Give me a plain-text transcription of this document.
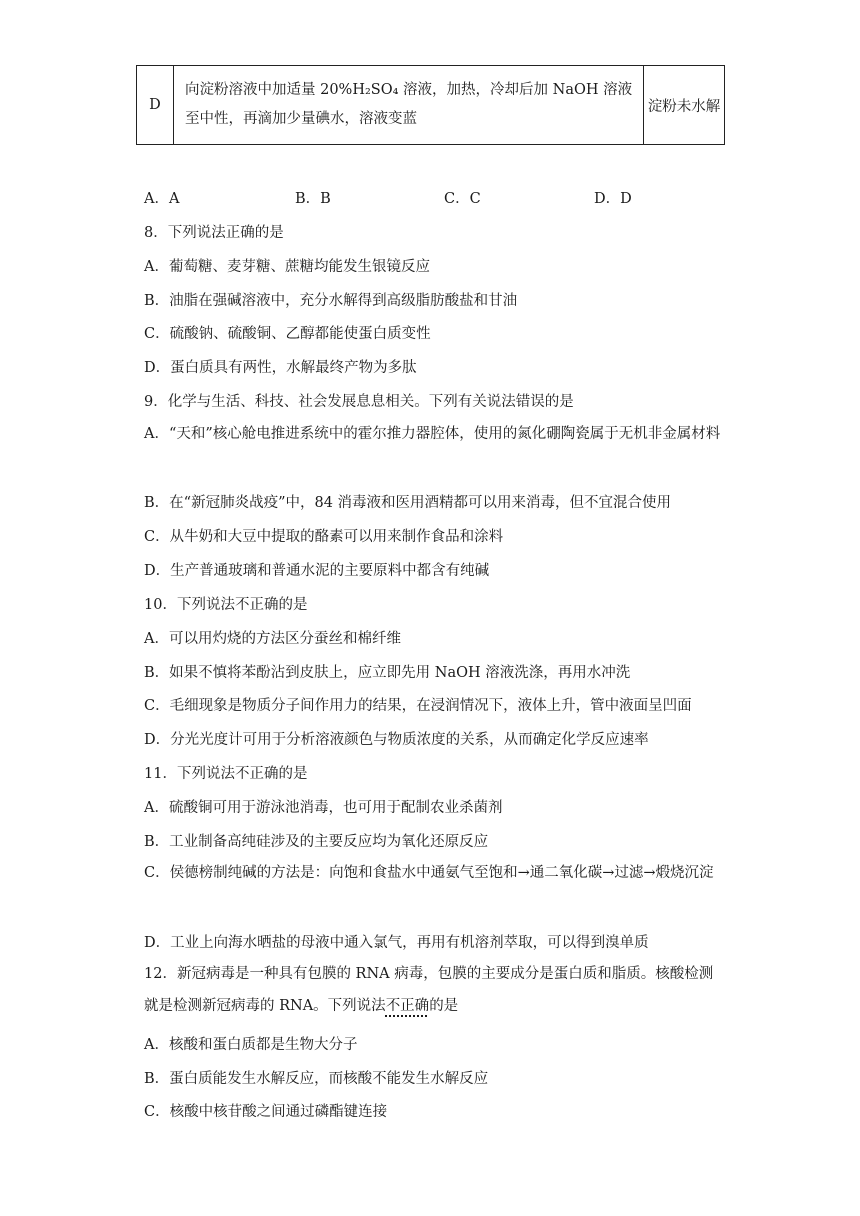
D	向淀粉溶液中加适量 20%H₂SO₄ 溶液，加热，冷却后加 NaOH 溶液至中性，再滴加少量碘水，溶液变蓝	淀粉未水解
A．A	B．B	C．C	D．D
8．下列说法正确的是
A．葡萄糖、麦芽糖、蔗糖均能发生银镜反应
B．油脂在强碱溶液中，充分水解得到高级脂肪酸盐和甘油
C．硫酸钠、硫酸铜、乙醇都能使蛋白质变性
D．蛋白质具有两性，水解最终产物为多肽
9．化学与生活、科技、社会发展息息相关。下列有关说法错误的是
A．“天和”核心舱电推进系统中的霍尔推力器腔体，使用的氮化硼陶瓷属于无机非金属材料
B．在“新冠肺炎战疫”中，84 消毒液和医用酒精都可以用来消毒，但不宜混合使用
C．从牛奶和大豆中提取的酪素可以用来制作食品和涂料
D．生产普通玻璃和普通水泥的主要原料中都含有纯碱
10．下列说法不正确的是
A．可以用灼烧的方法区分蚕丝和棉纤维
B．如果不慎将苯酚沾到皮肤上，应立即先用 NaOH 溶液洗涤，再用水冲洗
C．毛细现象是物质分子间作用力的结果，在浸润情况下，液体上升，管中液面呈凹面
D．分光光度计可用于分析溶液颜色与物质浓度的关系，从而确定化学反应速率
11．下列说法不正确的是
A．硫酸铜可用于游泳池消毒，也可用于配制农业杀菌剂
B．工业制备高纯硅涉及的主要反应均为氧化还原反应
C．侯德榜制纯碱的方法是：向饱和食盐水中通氨气至饱和→通二氧化碳→过滤→煅烧沉淀
D．工业上向海水晒盐的母液中通入氯气，再用有机溶剂萃取，可以得到溴单质
12．新冠病毒是一种具有包膜的 RNA 病毒，包膜的主要成分是蛋白质和脂质。核酸检测就是检测新冠病毒的 RNA。下列说法不正确的是
A．核酸和蛋白质都是生物大分子
B．蛋白质能发生水解反应，而核酸不能发生水解反应
C．核酸中核苷酸之间通过磷酯键连接
